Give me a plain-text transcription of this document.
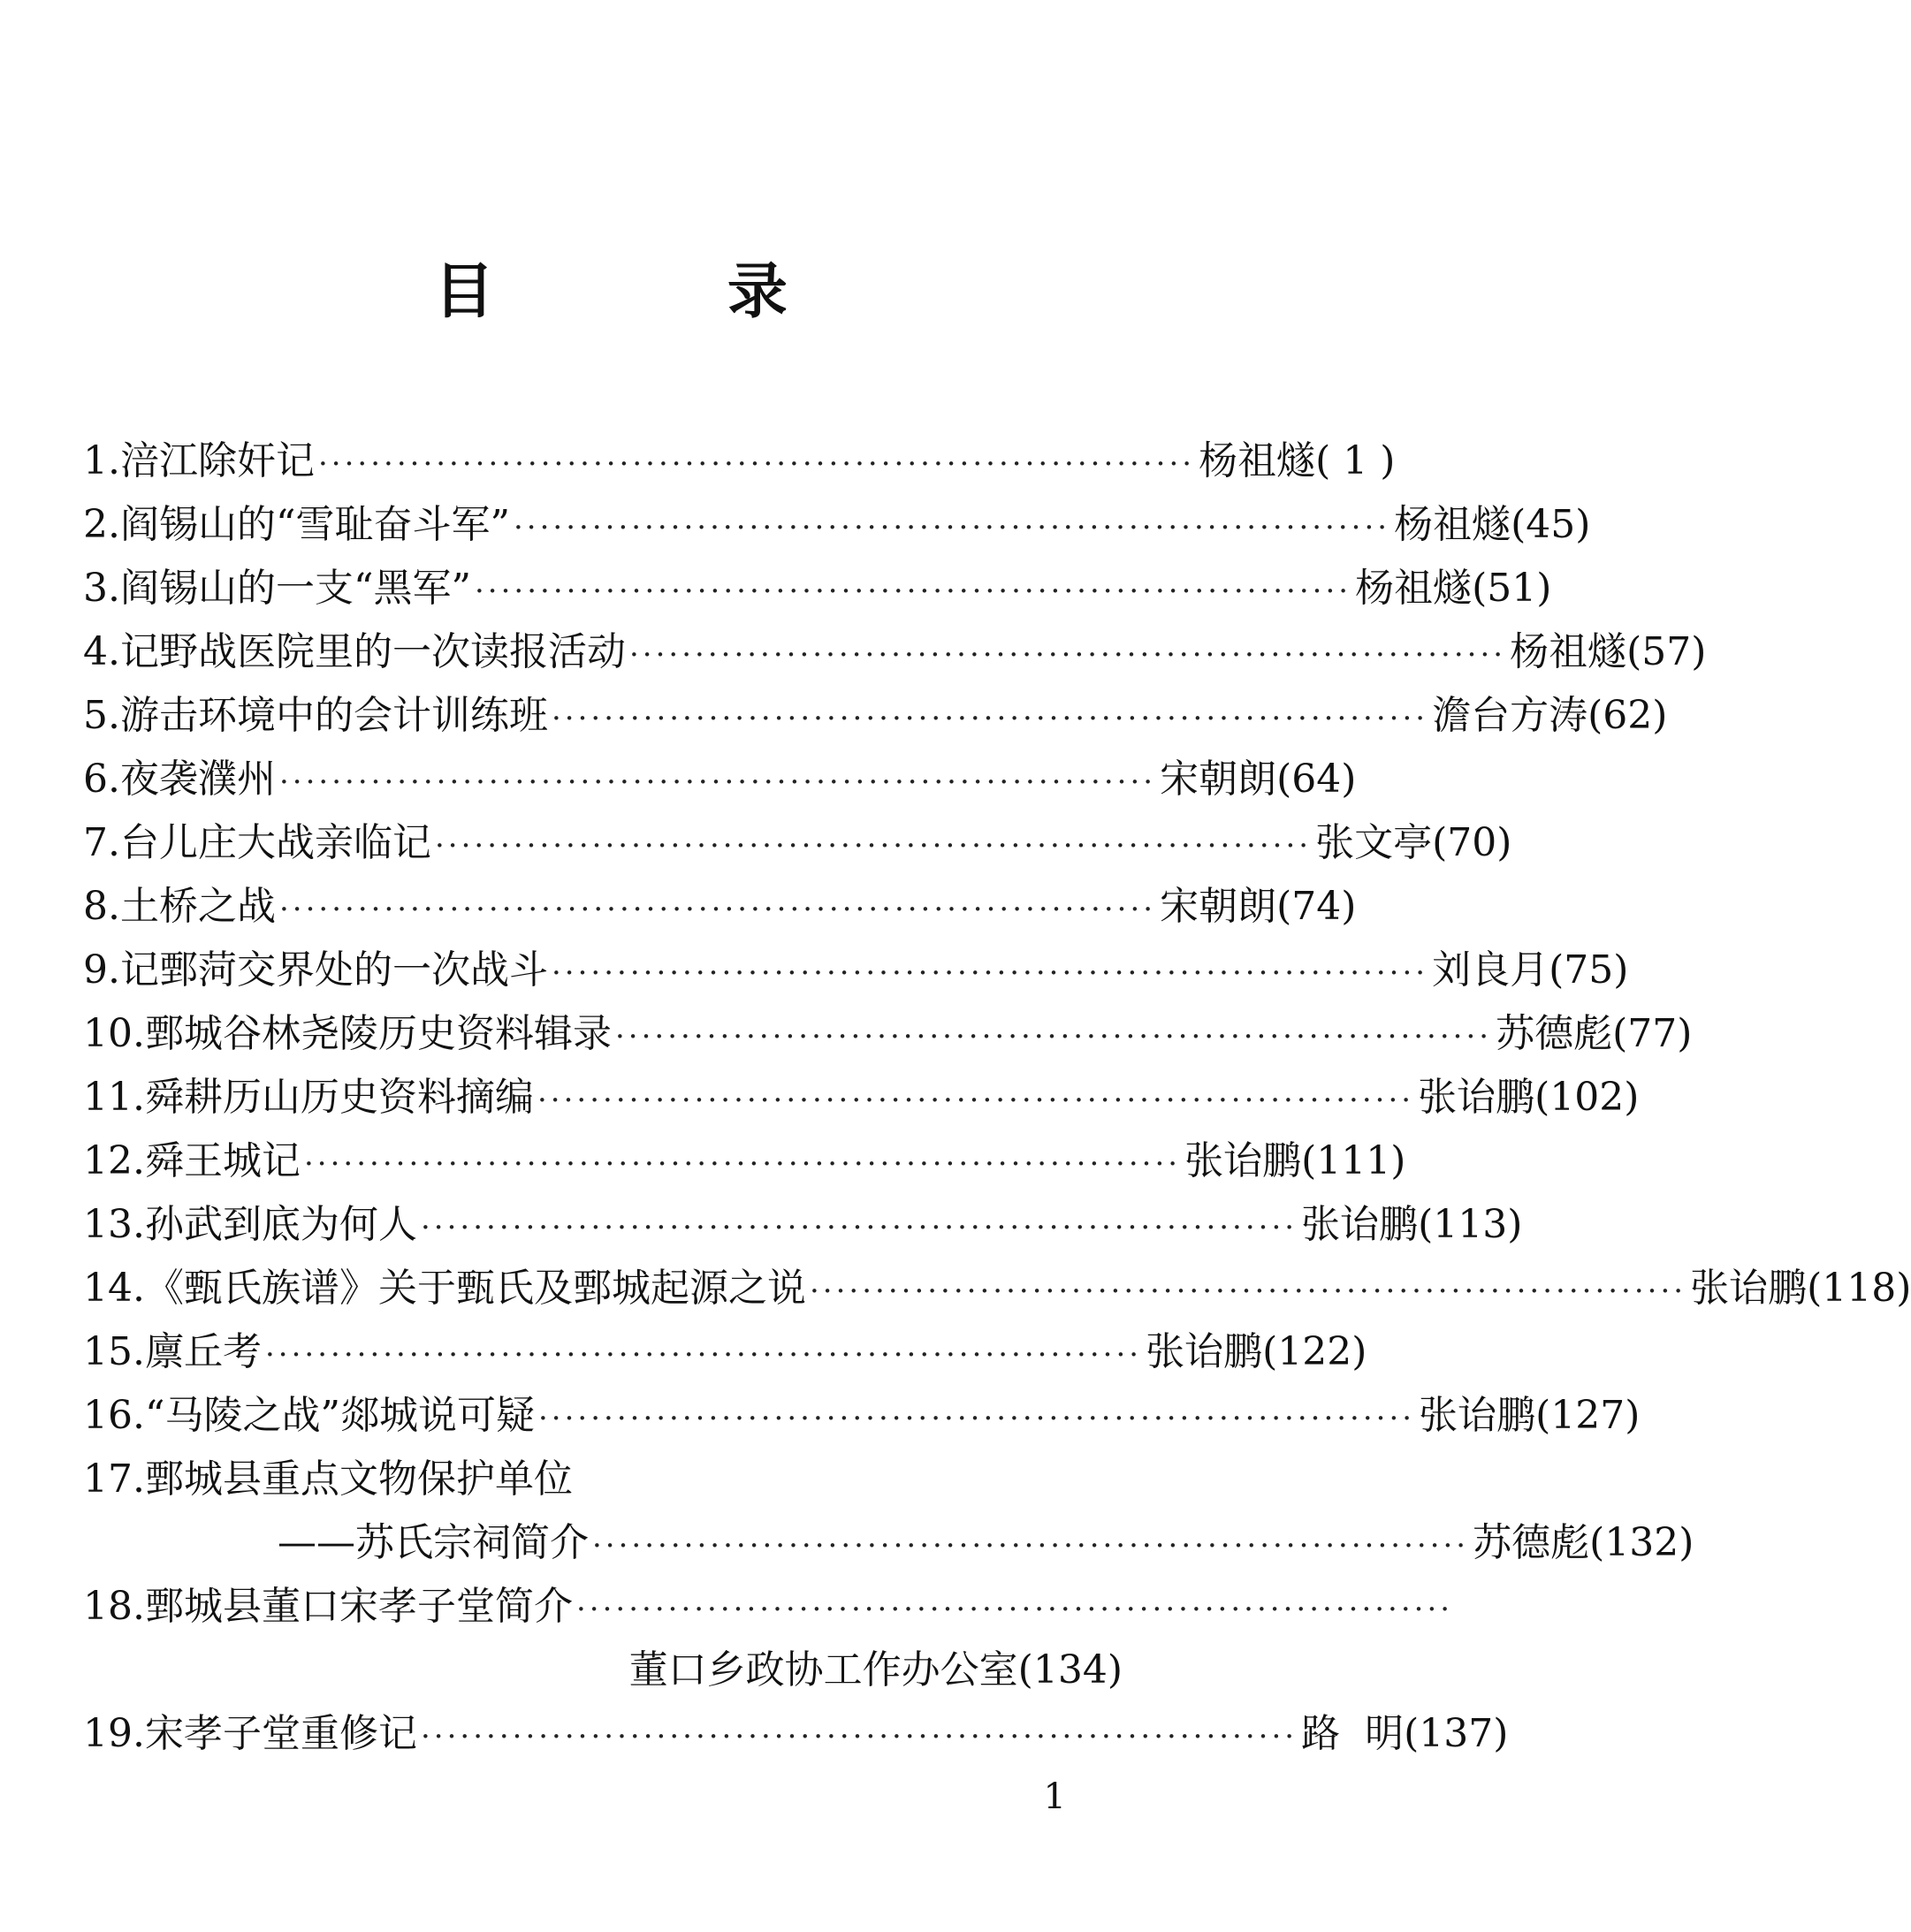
目 录
1. 涪江除奸记 ··································································· 杨祖燧 ( 1 )
2. 阎锡山的“雪耻奋斗军” ··································································· 杨祖燧 (45)
3. 阎锡山的一支“黑军” ··································································· 杨祖燧 (51)
4. 记野战医院里的一次读报活动 ··································································· 杨祖燧 (57)
5. 游击环境中的会计训练班 ··································································· 澹台方涛 (62)
6. 夜袭濮州 ··································································· 宋朝朗 (64)
7. 台儿庄大战亲临记 ··································································· 张文亭 (70)
8. 土桥之战 ··································································· 宋朝朗 (74)
9. 记鄄菏交界处的一次战斗 ··································································· 刘良月 (75)
10. 鄄城谷林尧陵历史资料辑录 ··································································· 苏德彪 (77)
11. 舜耕历山历史资料摘编 ··································································· 张诒鹏 (102)
12. 舜王城记 ··································································· 张诒鹏 (111)
13. 孙武到底为何人 ··································································· 张诒鹏 (113)
14. 《甄氏族谱》关于甄氏及鄄城起源之说 ··································································· 张诒鹏 (118)
15. 廪丘考 ··································································· 张诒鹏 (122)
16. “马陵之战”郯城说可疑 ··································································· 张诒鹏 (127)
17. 鄄城县重点文物保护单位
——苏氏宗祠简介 ··································································· 苏德彪 (132)
18. 鄄城县董口宋孝子堂简介 ···································································
董口乡政协工作办公室 (134)
19. 宋孝子堂重修记 ··································································· 路  明 (137)
1
